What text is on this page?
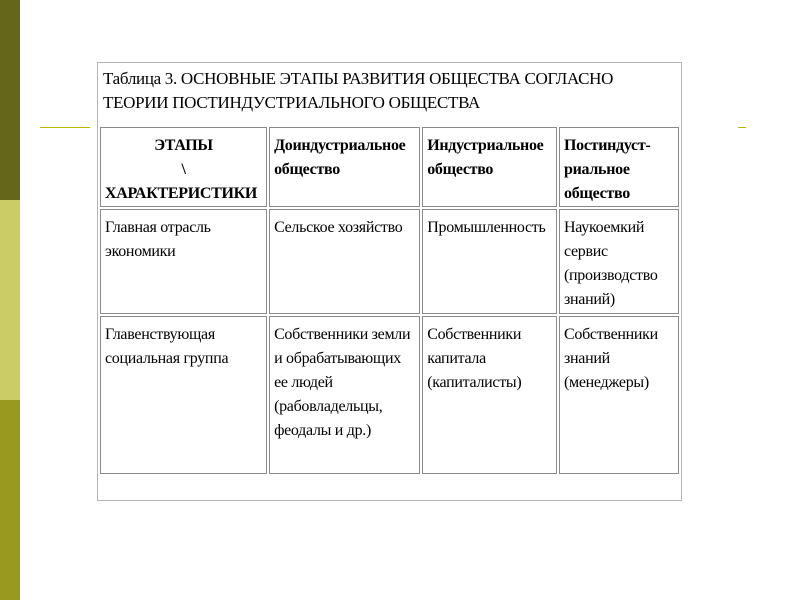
Таблица 3. ОСНОВНЫЕ ЭТАПЫ РАЗВИТИЯ ОБЩЕСТВА СОГЛАСНО
ТЕОРИИ ПОСТИНДУСТРИАЛЬНОГО ОБЩЕСТВА
ЭТАПЫ
\
ХАРАКТЕРИСТИКИ	Доиндустриальное общество	Индустриальное общество	Постиндуст-риальное общество
Главная отрасль экономики	Сельское хозяйство	Промышленность	Наукоемкий сервис (производство знаний)
Главенствующая социальная группа	Собственники земли и обрабатывающих ее людей (рабовладельцы, феодалы и др.)	Собственники капитала (капиталисты)	Собственники знаний (менеджеры)
